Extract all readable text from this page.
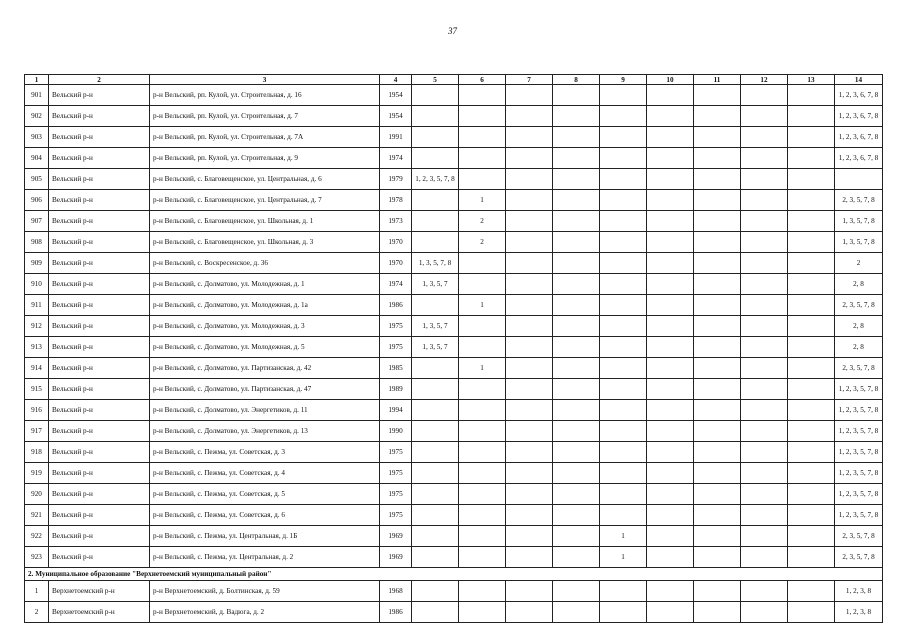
37
1	2	3	4	5	6	7	8	9	10	11	12	13	14
901	Вельский р-н	р-н Вельский, рп. Кулой, ул. Строительная, д. 16	1954										1, 2, 3, 6, 7, 8
902	Вельский р-н	р-н Вельский, рп. Кулой, ул. Строительная, д. 7	1954										1, 2, 3, 6, 7, 8
903	Вельский р-н	р-н Вельский, рп. Кулой, ул. Строительная, д. 7А	1991										1, 2, 3, 6, 7, 8
904	Вельский р-н	р-н Вельский, рп. Кулой, ул. Строительная, д. 9	1974										1, 2, 3, 6, 7, 8
905	Вельский р-н	р-н Вельский, с. Благовещенское, ул. Центральная, д. 6	1979	1, 2, 3, 5, 7, 8									
906	Вельский р-н	р-н Вельский, с. Благовещенское, ул. Центральная, д. 7	1978		1								2, 3, 5, 7, 8
907	Вельский р-н	р-н Вельский, с. Благовещенское, ул. Школьная, д. 1	1973		2								1, 3, 5, 7, 8
908	Вельский р-н	р-н Вельский, с. Благовещенское, ул. Школьная, д. 3	1970		2								1, 3, 5, 7, 8
909	Вельский р-н	р-н Вельский, с. Воскресенское, д. 36	1970	1, 3, 5, 7, 8									2
910	Вельский р-н	р-н Вельский, с. Долматово, ул. Молодежная, д. 1	1974	1, 3, 5, 7									2, 8
911	Вельский р-н	р-н Вельский, с. Долматово, ул. Молодежная, д. 1а	1986		1								2, 3, 5, 7, 8
912	Вельский р-н	р-н Вельский, с. Долматово, ул. Молодежная, д. 3	1975	1, 3, 5, 7									2, 8
913	Вельский р-н	р-н Вельский, с. Долматово, ул. Молодежная, д. 5	1975	1, 3, 5, 7									2, 8
914	Вельский р-н	р-н Вельский, с. Долматово, ул. Партизанская, д. 42	1985		1								2, 3, 5, 7, 8
915	Вельский р-н	р-н Вельский, с. Долматово, ул. Партизанская, д. 47	1989										1, 2, 3, 5, 7, 8
916	Вельский р-н	р-н Вельский, с. Долматово, ул. Энергетиков, д. 11	1994										1, 2, 3, 5, 7, 8
917	Вельский р-н	р-н Вельский, с. Долматово, ул. Энергетиков, д. 13	1990										1, 2, 3, 5, 7, 8
918	Вельский р-н	р-н Вельский, с. Пежма, ул. Советская, д. 3	1975										1, 2, 3, 5, 7, 8
919	Вельский р-н	р-н Вельский, с. Пежма, ул. Советская, д. 4	1975										1, 2, 3, 5, 7, 8
920	Вельский р-н	р-н Вельский, с. Пежма, ул. Советская, д. 5	1975										1, 2, 3, 5, 7, 8
921	Вельский р-н	р-н Вельский, с. Пежма, ул. Советская, д. 6	1975										1, 2, 3, 5, 7, 8
922	Вельский р-н	р-н Вельский, с. Пежма, ул. Центральная, д. 1Б	1969					1					2, 3, 5, 7, 8
923	Вельский р-н	р-н Вельский, с. Пежма, ул. Центральная, д. 2	1969					1					2, 3, 5, 7, 8
2. Муниципальное образование "Верхнетоемский муниципальный район"													
1	Верхнетоемский р-н	р-н Верхнетоемский, д. Болтинская, д. 59	1968										1, 2, 3, 8
2	Верхнетоемский р-н	р-н Верхнетоемский, д. Вадюга, д. 2	1986										1, 2, 3, 8
